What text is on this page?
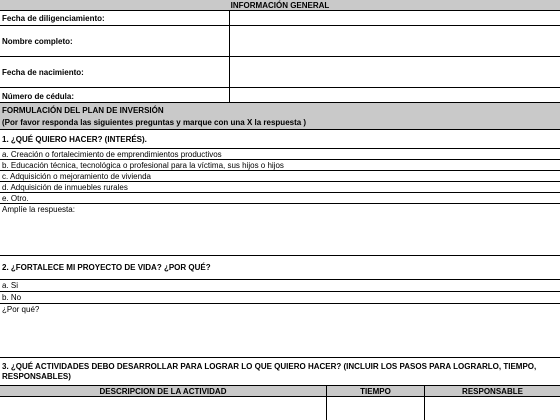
INFORMACIÓN GENERAL
Fecha de diligenciamiento:
Nombre completo:
Fecha de nacimiento:
Número de cédula:
FORMULACIÓN DEL PLAN DE INVERSIÓN
(Por favor responda las siguientes preguntas y marque con una X la respuesta )
1. ¿QUÉ QUIERO HACER? (INTERÉS).
a. Creación o fortalecimiento de emprendimientos productivos
b. Educación técnica, tecnológica o profesional para la víctima, sus hijos o hijos
c. Adquisición o mejoramiento de vivienda
d. Adquisición de inmuebles rurales
e. Otro.
Amplíe la respuesta:
2. ¿FORTALECE MI PROYECTO DE VIDA? ¿POR QUÉ?
a. Si
b. No
¿Por qué?
3. ¿QUÉ ACTIVIDADES DEBO DESARROLLAR PARA LOGRAR LO QUE QUIERO HACER? (INCLUIR LOS PASOS PARA LOGRARLO, TIEMPO, RESPONSABLES)
DESCRIPCION DE LA ACTIVIDAD	TIEMPO	RESPONSABLE
